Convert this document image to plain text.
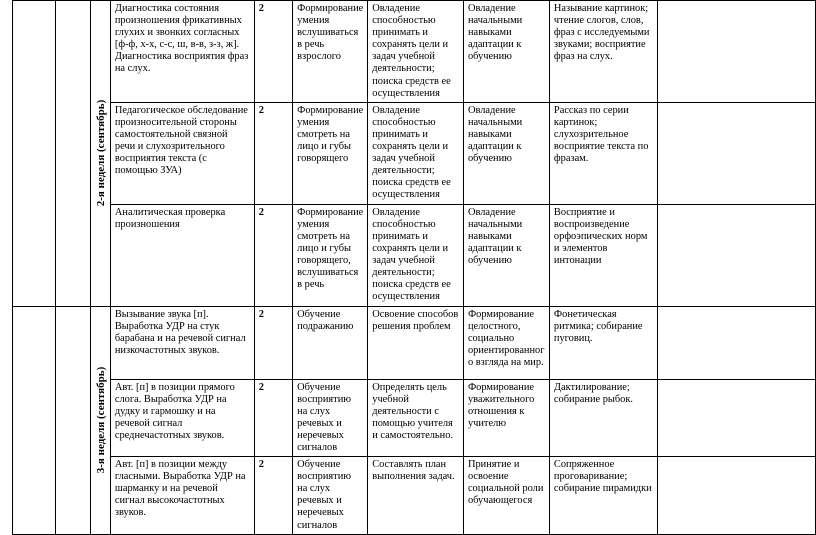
		2-я неделя (сентябрь)	Диагностика состояния произношения фрикативных глухих и звонких согласных [ф-ф, х-х, с-с, ш, в-в, з-з, ж]. Диагностика восприятия фраз на слух.	2	Формирование умения вслушиваться в речь взрослого	Овладение способностью принимать и сохранять цели и задач учебной деятельности; поиска средств ее осуществления	Овладение начальными навыками адаптации к обучению	Называние картинок; чтение слогов, слов, фраз с исследуемыми звуками; восприятие фраз на слух.	
			Педагогическое обследование произносительной стороны самостоятельной связной речи и слухозрительного восприятия текста (с помощью ЗУА)	2	Формирование умения смотреть на лицо и губы говорящего	Овладение способностью принимать и сохранять цели и задач учебной деятельности; поиска средств ее осуществления	Овладение начальными навыками адаптации к обучению	Рассказ по серии картинок; слухозрительное восприятие текста по фразам.	
			Аналитическая проверка произношения	2	Формирование умения смотреть на лицо и губы говорящего, вслушиваться в речь	Овладение способностью принимать и сохранять цели и задач учебной деятельности; поиска средств ее осуществления	Овладение начальными навыками адаптации к обучению	Восприятие и воспроизведение орфоэпических норм и элементов интонации	

		3-я неделя (сентябрь)	Вызывание звука [п]. Выработка УДР на стук барабана и на речевой сигнал низкочастотных звуков.	2	Обучение подражанию	Освоение способов решения проблем	Формирование целостного, социально ориентированног о взгляда на мир.	Фонетическая ритмика; собирание пуговиц.	
			Авт. [п] в позиции прямого слога. Выработка УДР на дудку и гармошку и на речевой сигнал среднечастотных звуков.	2	Обучение восприятию на слух речевых и неречевых сигналов	Определять цель учебной деятельности с помощью учителя и самостоятельно.	Формирование уважительного отношения к учителю	Дактилирование; собирание рыбок.	
			Авт. [п] в позиции между гласными. Выработка УДР на шарманку и на речевой сигнал высокочастотных звуков.	2	Обучение восприятию на слух речевых и неречевых сигналов	Составлять план выполнения задач.	Принятие и освоение социальной роли обучающегося	Сопряженное проговаривание; собирание пирамидки	
